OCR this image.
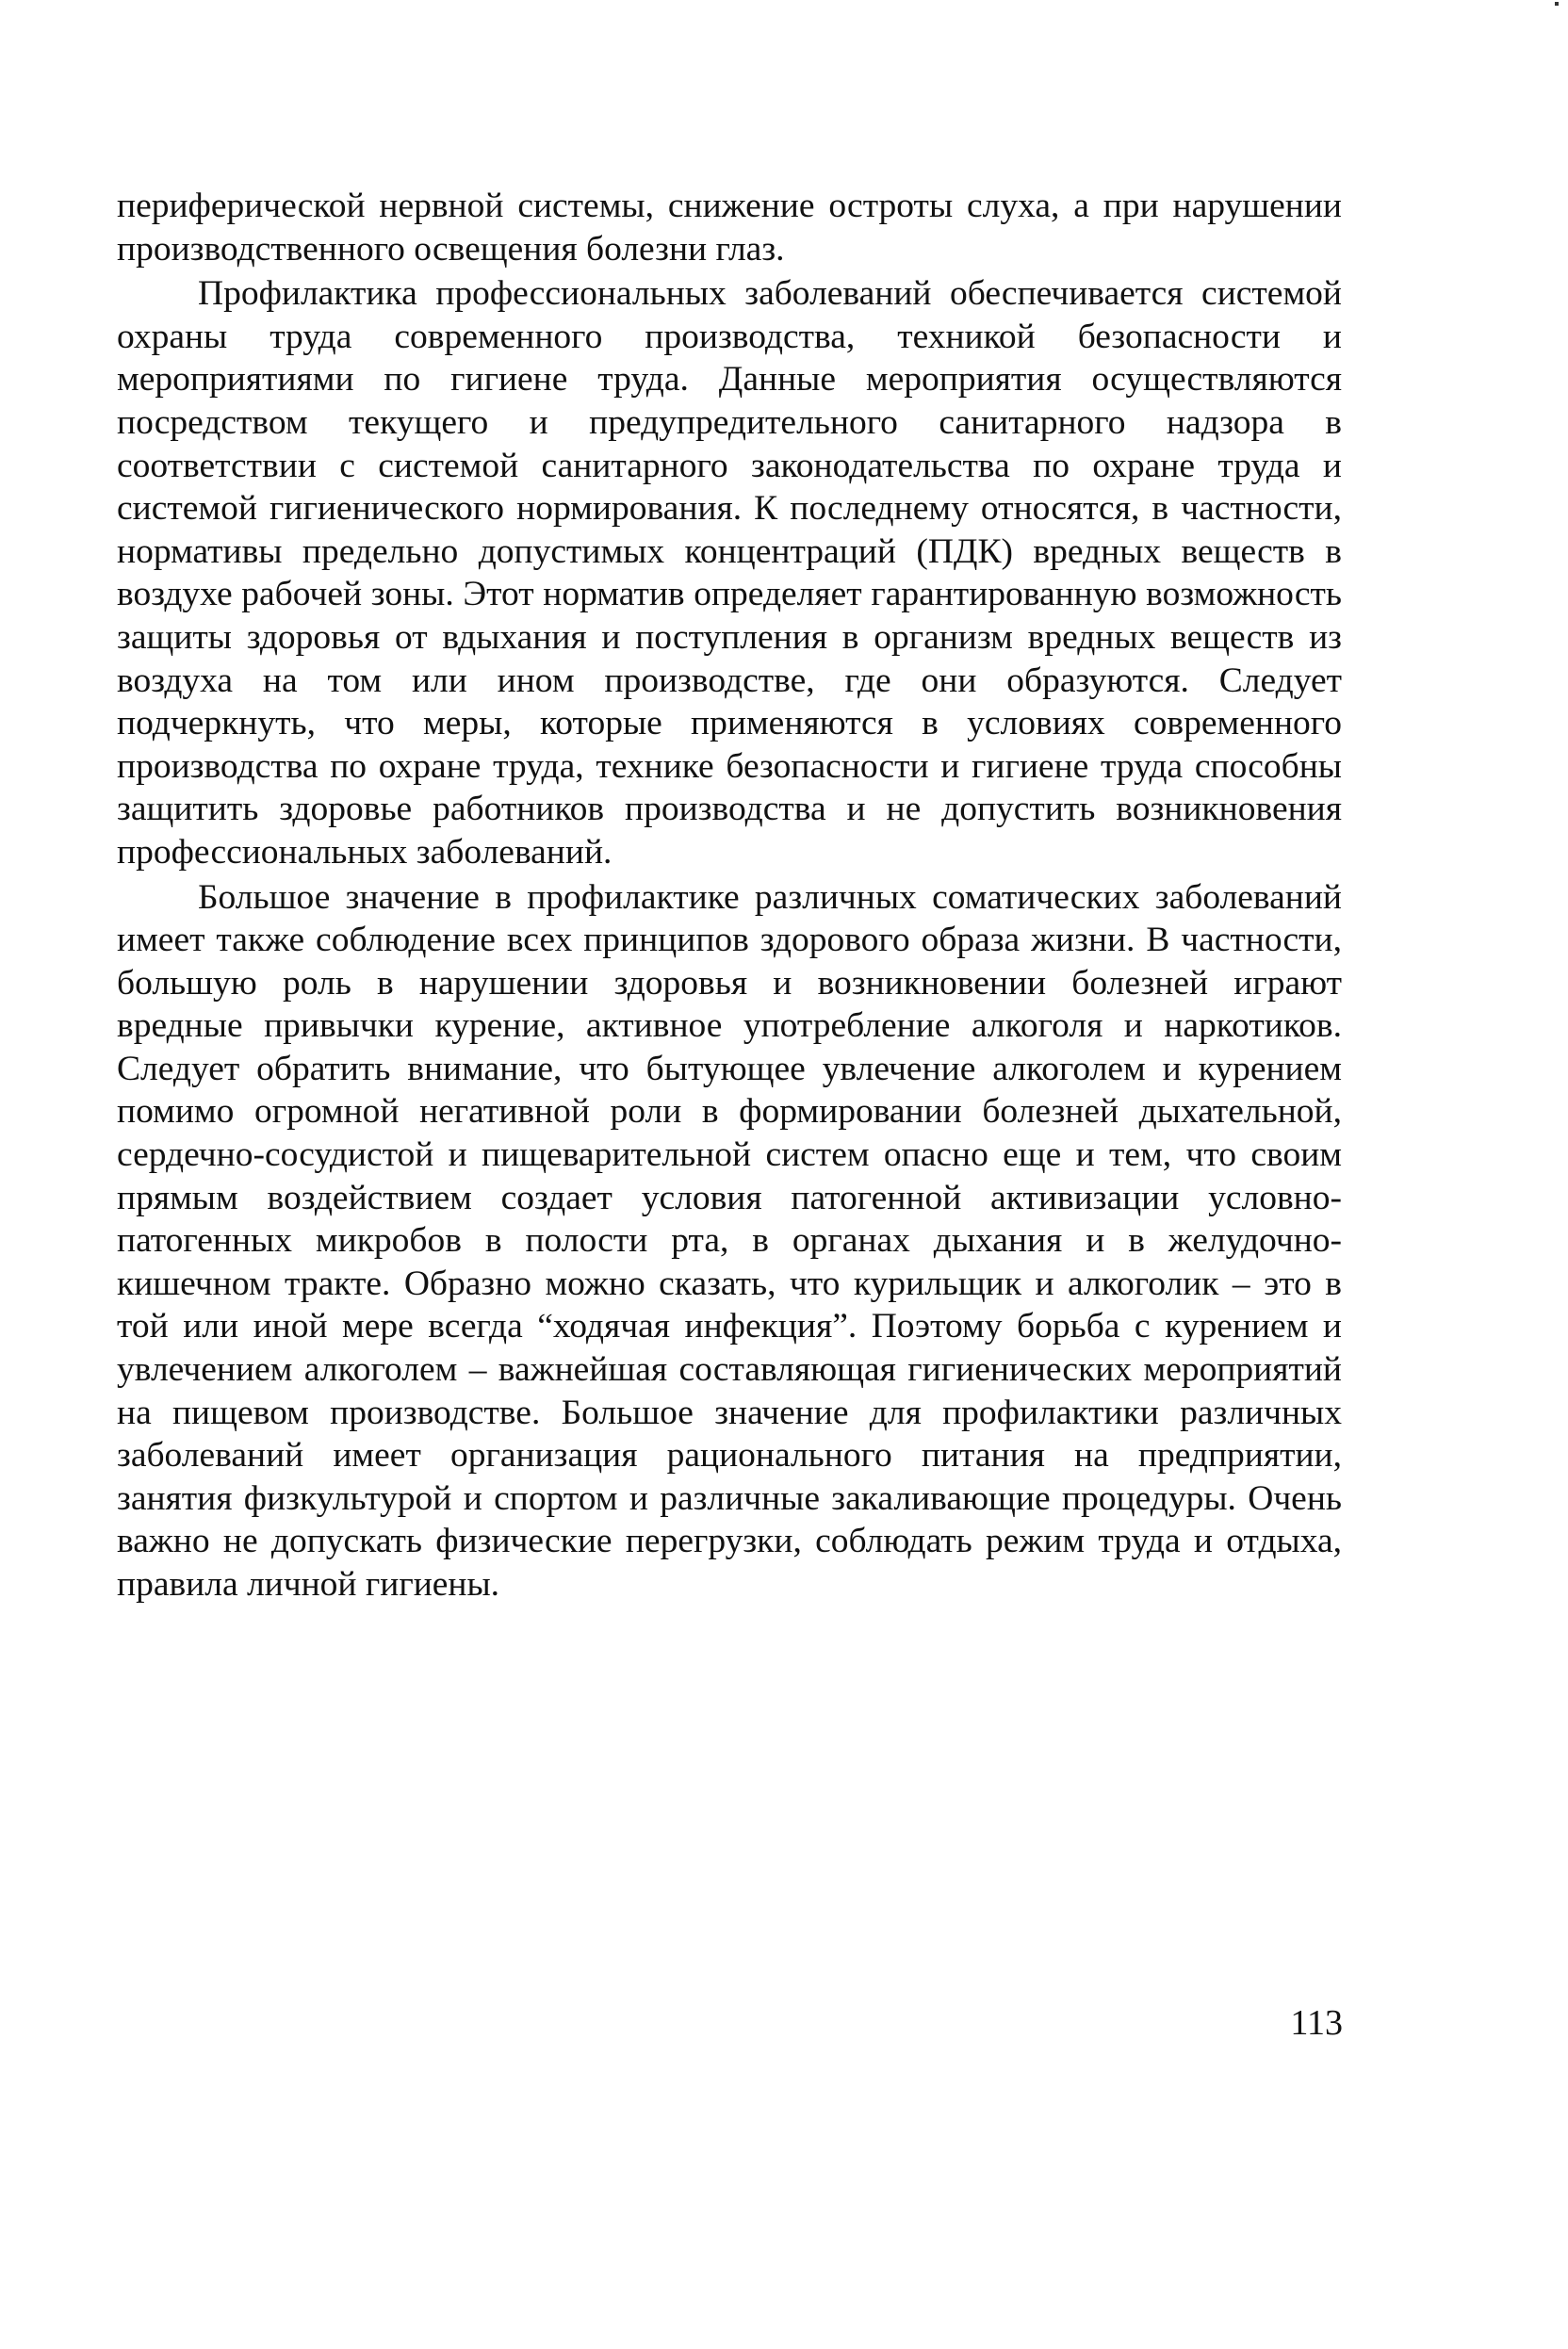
периферической нервной системы, снижение остроты слуха, а при нарушении производственного освещения болезни глаз.

Профилактика профессиональных заболеваний обеспечивается системой охраны труда современного производства, техникой безопасности и мероприятиями по гигиене труда. Данные мероприятия осуществляются посредством текущего и предупредительного санитарного надзора в соответствии с системой санитарного законодательства по охране труда и системой гигиенического нормирования. К последнему относятся, в частности, нормативы предельно допустимых концентраций (ПДК) вредных веществ в воздухе рабочей зоны. Этот норматив определяет гарантированную возможность защиты здоровья от вдыхания и поступления в организм вредных веществ из воздуха на том или ином производстве, где они образуются. Следует подчеркнуть, что меры, которые применяются в условиях современного производства по охране труда, технике безопасности и гигиене труда способны защитить здоровье работников производства и не допустить возникновения профессиональных заболеваний.

Большое значение в профилактике различных соматических заболеваний имеет также соблюдение всех принципов здорового образа жизни. В частности, большую роль в нарушении здоровья и возникновении болезней играют вредные привычки курение, активное употребление алкоголя и наркотиков. Следует обратить внимание, что бытующее увлечение алкоголем и курением помимо огромной негативной роли в формировании болезней дыхательной, сердечно-сосудистой и пищеварительной систем опасно еще и тем, что своим прямым воздействием создает условия патогенной активизации условно-патогенных микробов в полости рта, в органах дыхания и в желудочно-кишечном тракте. Образно можно сказать, что курильщик и алкоголик – это в той или иной мере всегда “ходячая инфекция”. Поэтому борьба с курением и увлечением алкоголем – важнейшая составляющая гигиенических мероприятий на пищевом производстве. Большое значение для профилактики различных заболеваний имеет организация рационального питания на предприятии, занятия физкультурой и спортом и различные закаливающие процедуры. Очень важно не допускать физические перегрузки, соблюдать режим труда и отдыха, правила личной гигиены.

113
